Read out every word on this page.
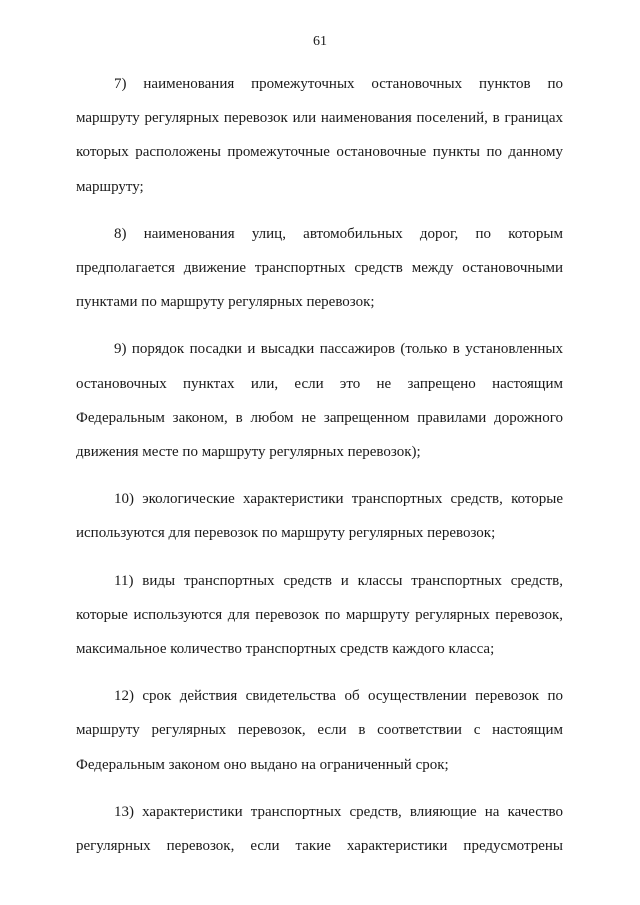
61

7) наименования промежуточных остановочных пунктов по
маршруту регулярных перевозок или наименования поселений, в границах
которых расположены промежуточные остановочные пункты по данному
маршруту;

8) наименования улиц, автомобильных дорог, по которым
предполагается движение транспортных средств между остановочными
пунктами по маршруту регулярных перевозок;

9) порядок посадки и высадки пассажиров (только в установленных
остановочных пунктах или, если это не запрещено настоящим
Федеральным законом, в любом не запрещенном правилами дорожного
движения месте по маршруту регулярных перевозок);

10) экологические характеристики транспортных средств, которые
используются для перевозок по маршруту регулярных перевозок;

11) виды транспортных средств и классы транспортных средств,
которые используются для перевозок по маршруту регулярных перевозок,
максимальное количество транспортных средств каждого класса;

12) срок действия свидетельства об осуществлении перевозок по
маршруту регулярных перевозок, если в соответствии с настоящим
Федеральным законом оно выдано на ограниченный срок;

13) характеристики транспортных средств, влияющие на качество
регулярных перевозок, если такие характеристики предусмотрены
